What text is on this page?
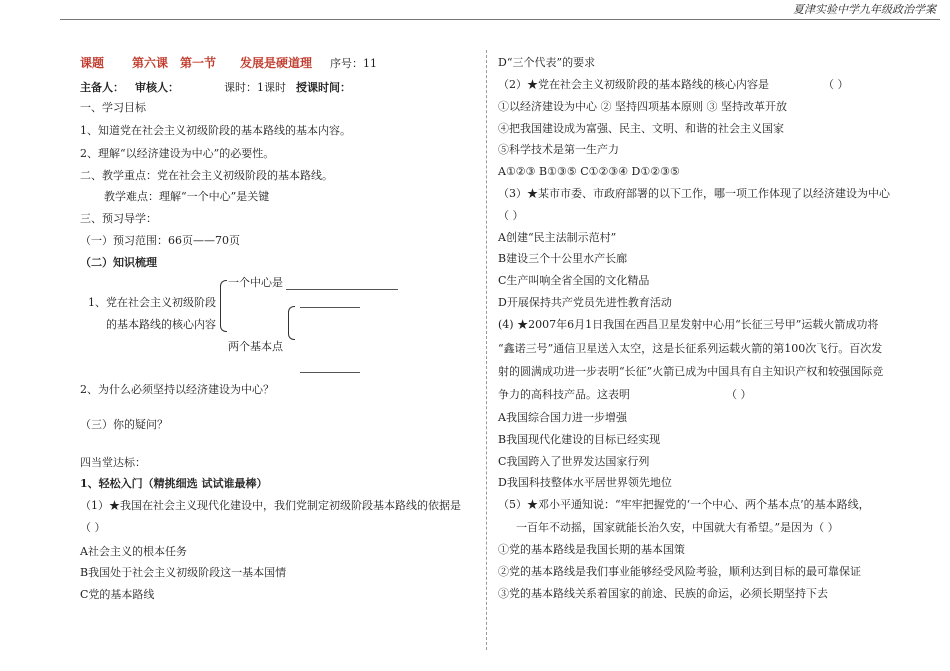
夏津实验中学九年级政治学案
课题 第六课 第一节 发展是硬道理 序号：11
主备人： 审核人：	课时：1课时 授课时间：
一、学习目标
1、知道党在社会主义初级阶段的基本路线的基本内容。
2、理解“以经济建设为中心”的必要性。
二、教学重点：党在社会主义初级阶段的基本路线。
教学难点：理解“一个中心”是关键
三、预习导学：
（一）预习范围：66页——70页
（二）知识梳理
1、党在社会主义初级阶段
的基本路线的核心内容
一个中心是
两个基本点
2、为什么必须坚持以经济建设为中心？
（三）你的疑问？
四当堂达标：
1、轻松入门（精挑细选 试试谁最棒）
（1）★我国在社会主义现代化建设中，我们党制定初级阶段基本路线的依据是
（ ）
A社会主义的根本任务
B我国处于社会主义初级阶段这一基本国情
C党的基本路线
D“三个代表”的要求
（2）★党在社会主义初级阶段的基本路线的核心内容是	（ ）
①以经济建设为中心 ② 坚持四项基本原则 ③ 坚持改革开放
④把我国建设成为富强、民主、文明、和谐的社会主义国家
⑤科学技术是第一生产力
A①②③ B①③⑤ C①②③④ D①②③⑤
（3）★某市市委、市政府部署的以下工作，哪一项工作体现了以经济建设为中心
（ ）
A创建“民主法制示范村”
B建设三个十公里水产长廊
C生产叫响全省全国的文化精品
D开展保持共产党员先进性教育活动
(4) ★2007年6月1日我国在西昌卫星发射中心用“长征三号甲”运载火箭成功将
“鑫诺三号”通信卫星送入太空，这是长征系列运载火箭的第100次飞行。百次发
射的圆满成功进一步表明“长征”火箭已成为中国具有自主知识产权和较强国际竞
争力的高科技产品。这表明	（ ）
A我国综合国力进一步增强
B我国现代化建设的目标已经实现
C我国跨入了世界发达国家行列
D我国科技整体水平居世界领先地位
（5）★邓小平通知说：“牢牢把握党的‘一个中心、两个基本点’的基本路线，
一百年不动摇，国家就能长治久安，中国就大有希望。”是因为（ ）
①党的基本路线是我国长期的基本国策
②党的基本路线是我们事业能够经受风险考验，顺利达到目标的最可靠保证
③党的基本路线关系着国家的前途、民族的命运，必须长期坚持下去
